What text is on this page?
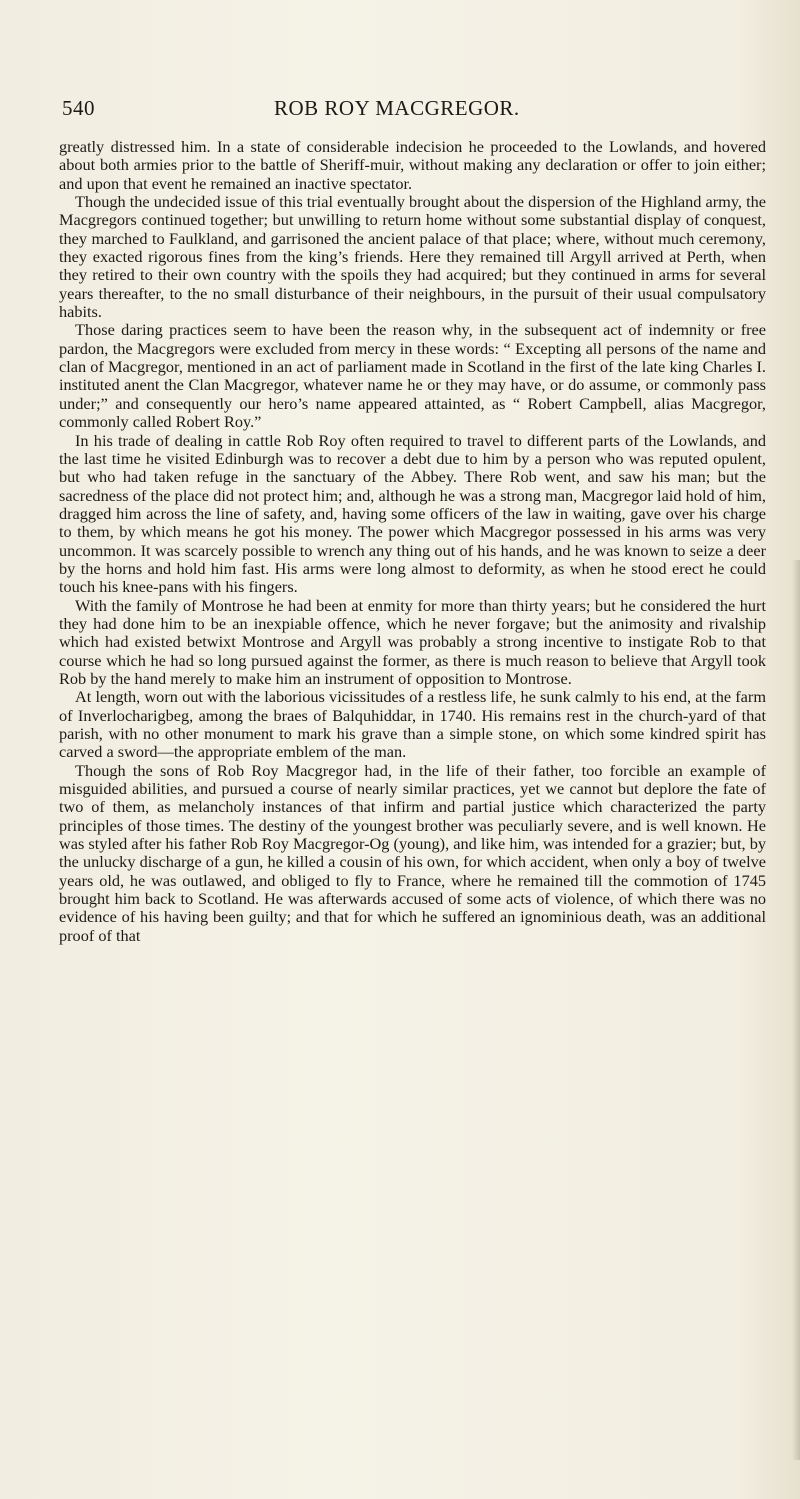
540	ROB ROY MACGREGOR.

greatly distressed him. In a state of considerable indecision he proceeded to the Lowlands, and hovered about both armies prior to the battle of Sheriff-muir, without making any declaration or offer to join either; and upon that event he remained an inactive spectator.

Though the undecided issue of this trial eventually brought about the dispersion of the Highland army, the Macgregors continued together; but unwilling to return home without some substantial display of conquest, they marched to Faulkland, and garrisoned the ancient palace of that place; where, without much ceremony, they exacted rigorous fines from the king’s friends. Here they remained till Argyll arrived at Perth, when they retired to their own country with the spoils they had acquired; but they continued in arms for several years thereafter, to the no small disturbance of their neighbours, in the pursuit of their usual compulsatory habits.

Those daring practices seem to have been the reason why, in the subsequent act of indemnity or free pardon, the Macgregors were excluded from mercy in these words: “ Excepting all persons of the name and clan of Macgregor, mentioned in an act of parliament made in Scotland in the first of the late king Charles I. instituted anent the Clan Macgregor, whatever name he or they may have, or do assume, or commonly pass under;” and consequently our hero’s name appeared attainted, as “ Robert Campbell, alias Macgregor, commonly called Robert Roy.”

In his trade of dealing in cattle Rob Roy often required to travel to different parts of the Lowlands, and the last time he visited Edinburgh was to recover a debt due to him by a person who was reputed opulent, but who had taken refuge in the sanctuary of the Abbey. There Rob went, and saw his man; but the sacredness of the place did not protect him; and, although he was a strong man, Macgregor laid hold of him, dragged him across the line of safety, and, having some officers of the law in waiting, gave over his charge to them, by which means he got his money. The power which Macgregor possessed in his arms was very uncommon. It was scarcely possible to wrench any thing out of his hands, and he was known to seize a deer by the horns and hold him fast. His arms were long almost to deformity, as when he stood erect he could touch his knee-pans with his fingers.

With the family of Montrose he had been at enmity for more than thirty years; but he considered the hurt they had done him to be an inexpiable offence, which he never forgave; but the animosity and rivalship which had existed betwixt Montrose and Argyll was probably a strong incentive to instigate Rob to that course which he had so long pursued against the former, as there is much reason to believe that Argyll took Rob by the hand merely to make him an instrument of opposition to Montrose.

At length, worn out with the laborious vicissitudes of a restless life, he sunk calmly to his end, at the farm of Inverlocharigbeg, among the braes of Balquhiddar, in 1740. His remains rest in the church-yard of that parish, with no other monument to mark his grave than a simple stone, on which some kindred spirit has carved a sword—the appropriate emblem of the man.

Though the sons of Rob Roy Macgregor had, in the life of their father, too forcible an example of misguided abilities, and pursued a course of nearly similar practices, yet we cannot but deplore the fate of two of them, as melancholy instances of that infirm and partial justice which characterized the party principles of those times. The destiny of the youngest brother was peculiarly severe, and is well known. He was styled after his father Rob Roy Macgregor-Og (young), and like him, was intended for a grazier; but, by the unlucky discharge of a gun, he killed a cousin of his own, for which accident, when only a boy of twelve years old, he was outlawed, and obliged to fly to France, where he remained till the commotion of 1745 brought him back to Scotland. He was afterwards accused of some acts of violence, of which there was no evidence of his having been guilty; and that for which he suffered an ignominious death, was an additional proof of that
